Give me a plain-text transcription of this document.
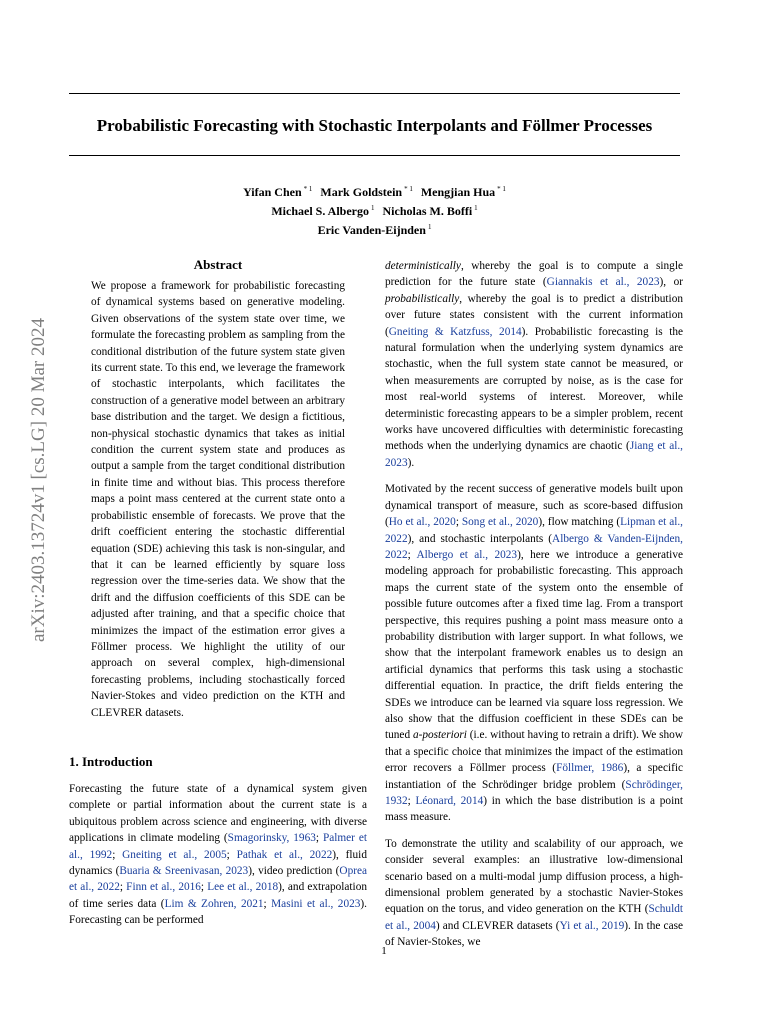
arXiv:2403.13724v1 [cs.LG] 20 Mar 2024
Probabilistic Forecasting with Stochastic Interpolants and Föllmer Processes
Yifan Chen $^{* 1}$ Mark Goldstein $^{* 1}$ Mengjian Hua $^{* 1}$
Michael S. Albergo $^1$ Nicholas M. Boffi $^1$
Eric Vanden-Eijnden $^1$
Abstract

We propose a framework for probabilistic forecasting of dynamical systems based on generative modeling. Given observations of the system state over time, we formulate the forecasting problem as sampling from the conditional distribution of the future system state given its current state. To this end, we leverage the framework of stochastic interpolants, which facilitates the construction of a generative model between an arbitrary base distribution and the target. We design a fictitious, non-physical stochastic dynamics that takes as initial condition the current system state and produces as output a sample from the target conditional distribution in finite time and without bias. This process therefore maps a point mass centered at the current state onto a probabilistic ensemble of forecasts. We prove that the drift coefficient entering the stochastic differential equation (SDE) achieving this task is non-singular, and that it can be learned efficiently by square loss regression over the time-series data. We show that the drift and the diffusion coefficients of this SDE can be adjusted after training, and that a specific choice that minimizes the impact of the estimation error gives a Föllmer process. We highlight the utility of our approach on several complex, high-dimensional forecasting problems, including stochastically forced Navier-Stokes and video prediction on the KTH and CLEVRER datasets.

1. Introduction

Forecasting the future state of a dynamical system given complete or partial information about the current state is a ubiquitous problem across science and engineering, with diverse applications in climate modeling (Smagorinsky, 1963; Palmer et al., 1992; Gneiting et al., 2005; Pathak et al., 2022), fluid dynamics (Buaria & Sreenivasan, 2023), video prediction (Oprea et al., 2022; Finn et al., 2016; Lee et al., 2018), and extrapolation of time series data (Lim & Zohren, 2021; Masini et al., 2023). Forecasting can be performed

deterministically, whereby the goal is to compute a single prediction for the future state (Giannakis et al., 2023), or probabilistically, whereby the goal is to predict a distribution over future states consistent with the current information (Gneiting & Katzfuss, 2014). Probabilistic forecasting is the natural formulation when the underlying system dynamics are stochastic, when the full system state cannot be measured, or when measurements are corrupted by noise, as is the case for most real-world systems of interest. Moreover, while deterministic forecasting appears to be a simpler problem, recent works have uncovered difficulties with deterministic forecasting methods when the underlying dynamics are chaotic (Jiang et al., 2023).

Motivated by the recent success of generative models built upon dynamical transport of measure, such as score-based diffusion (Ho et al., 2020; Song et al., 2020), flow matching (Lipman et al., 2022), and stochastic interpolants (Albergo & Vanden-Eijnden, 2022; Albergo et al., 2023), here we introduce a generative modeling approach for probabilistic forecasting. This approach maps the current state of the system onto the ensemble of possible future outcomes after a fixed time lag. From a transport perspective, this requires pushing a point mass measure onto a probability distribution with larger support. In what follows, we show that the interpolant framework enables us to design an artificial dynamics that performs this task using a stochastic differential equation. In practice, the drift fields entering the SDEs we introduce can be learned via square loss regression. We also show that the diffusion coefficient in these SDEs can be tuned a-posteriori (i.e. without having to retrain a drift). We show that a specific choice that minimizes the impact of the estimation error recovers a Föllmer process (Föllmer, 1986), a specific instantiation of the Schrödinger bridge problem (Schrödinger, 1932; Léonard, 2014) in which the base distribution is a point mass measure.

To demonstrate the utility and scalability of our approach, we consider several examples: an illustrative low-dimensional scenario based on a multi-modal jump diffusion process, a high-dimensional problem generated by a stochastic Navier-Stokes equation on the torus, and video generation on the KTH (Schuldt et al., 2004) and CLEVRER datasets (Yi et al., 2019). In the case of Navier-Stokes, we

1
